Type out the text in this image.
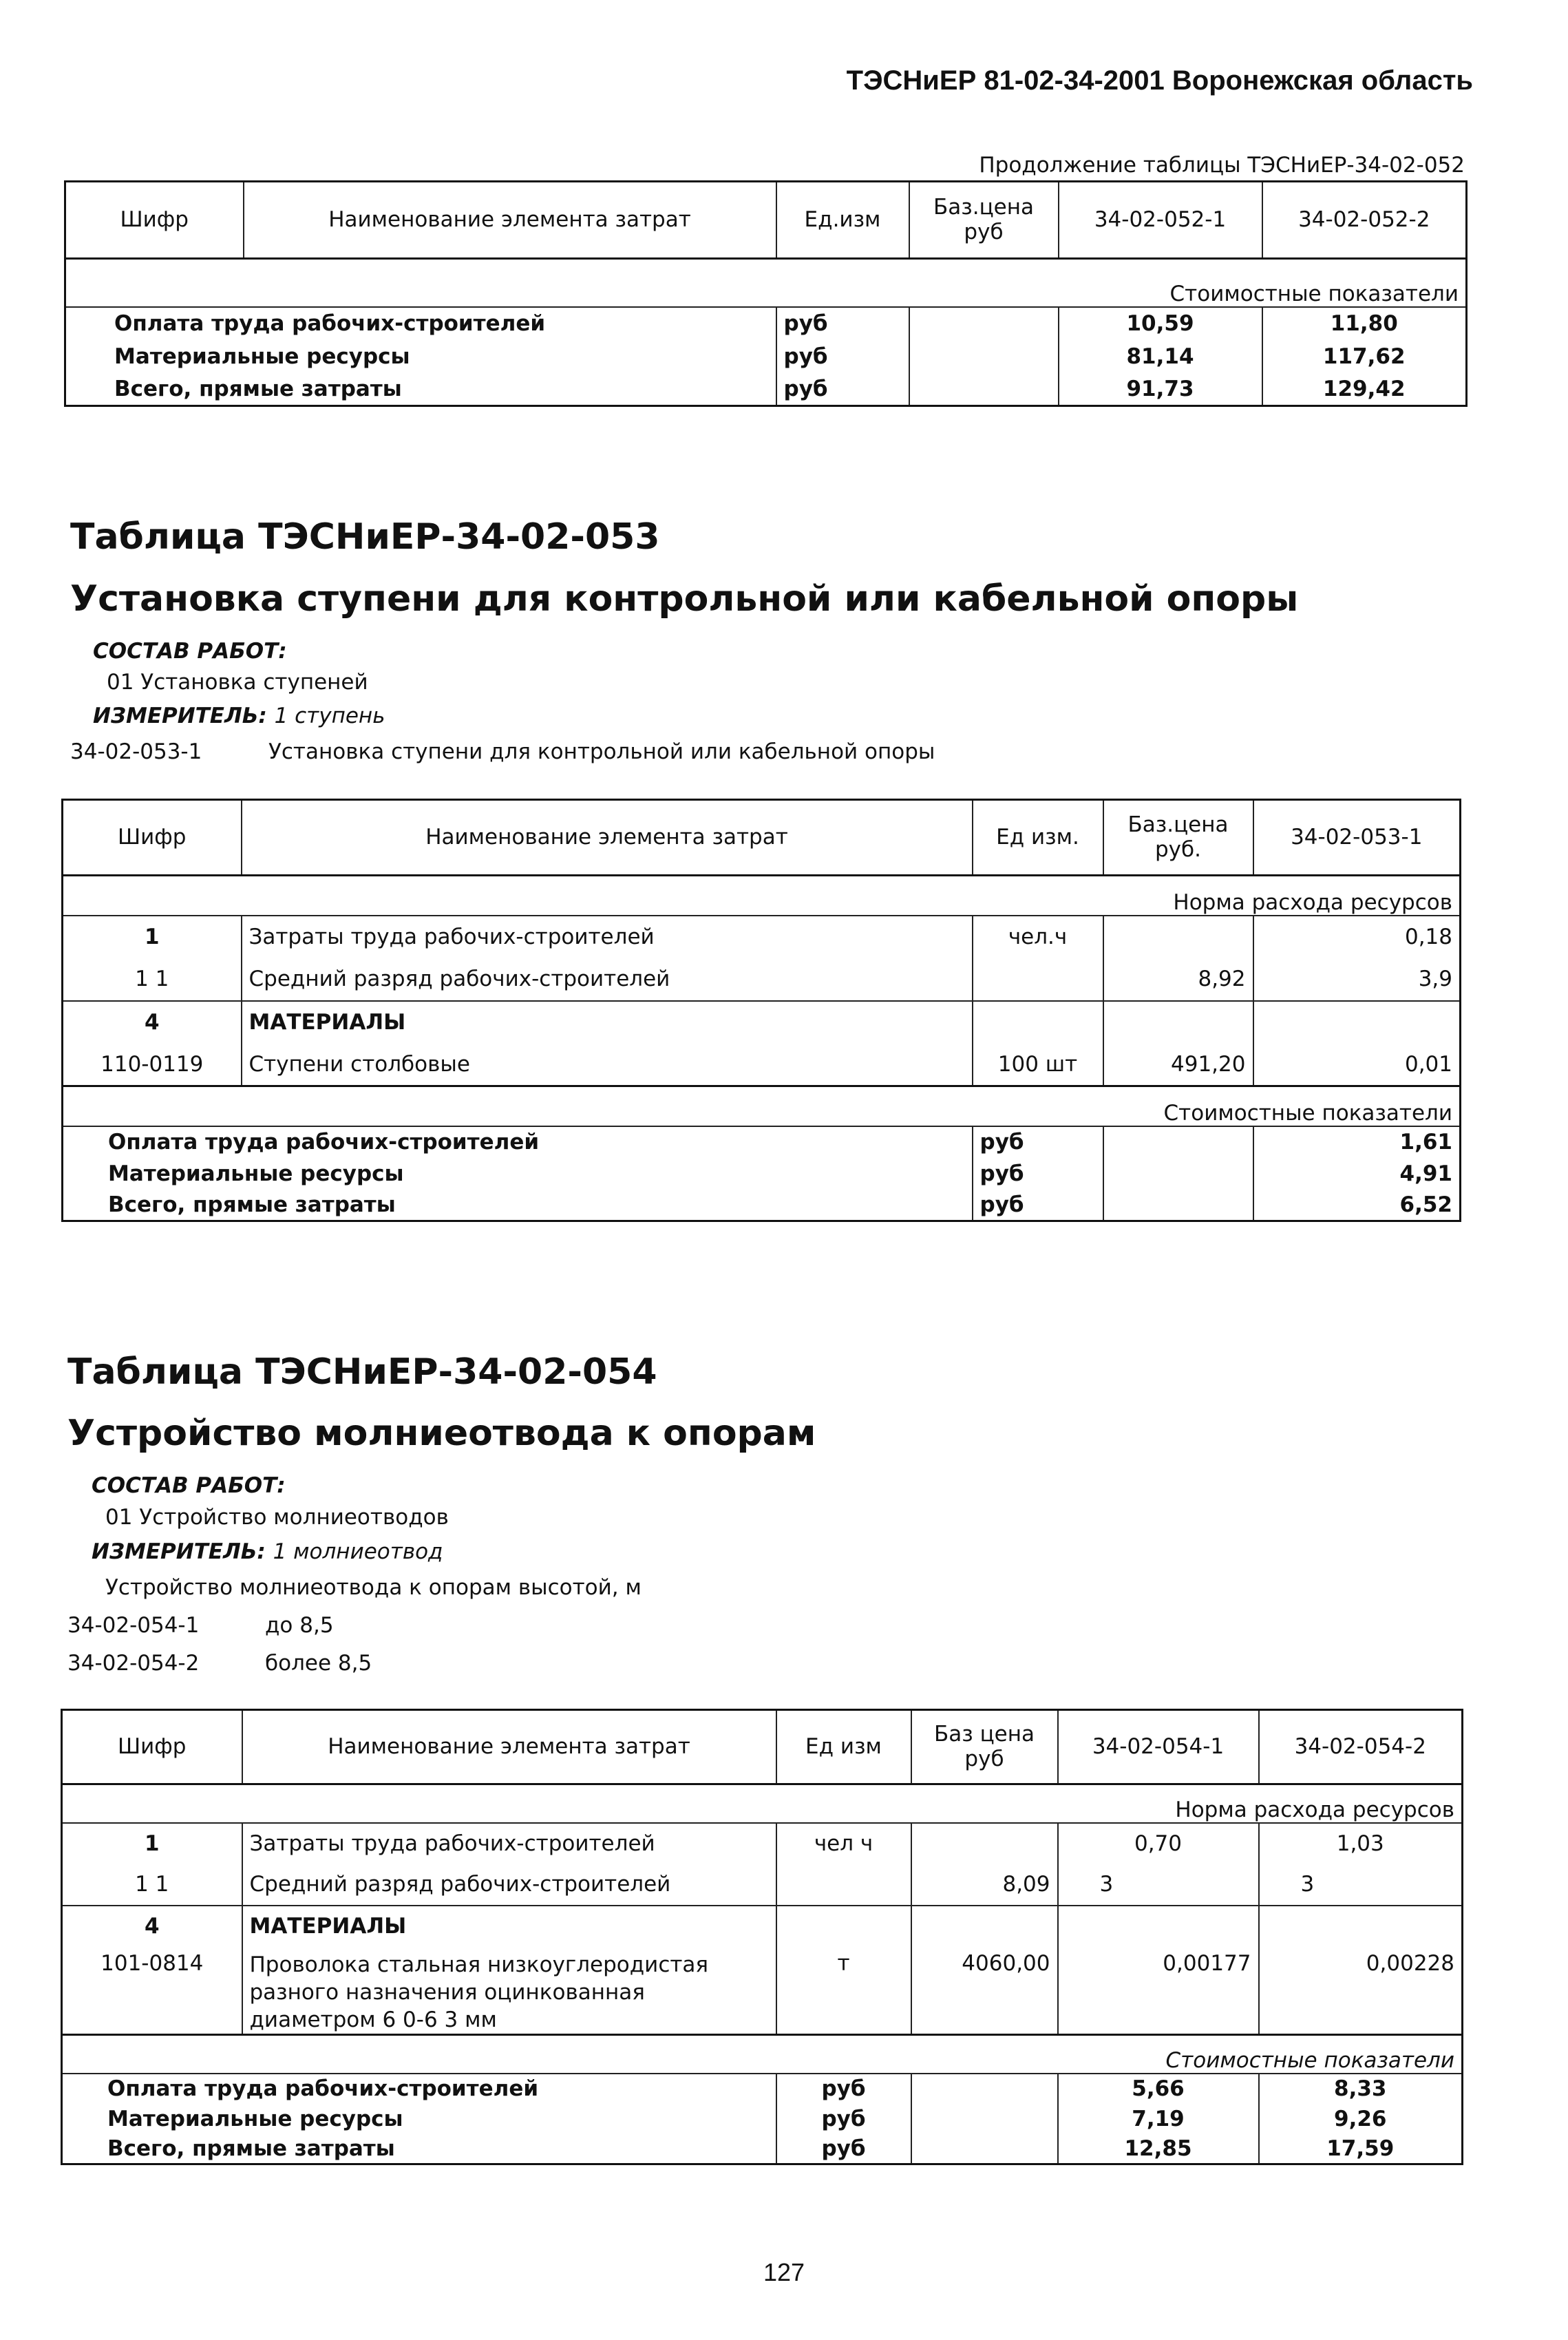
ТЭСНиЕР 81-02-34-2001 Воронежская область
Продолжение таблицы ТЭСНиЕР-34-02-052
Шифр	Наименование элемента затрат	Ед.изм	Баз.цена руб	34-02-052-1	34-02-052-2
				Стоимостные показатели	
Оплата труда рабочих-строителей		руб		10,59	11,80
Материальные ресурсы		руб		81,14	117,62
Всего, прямые затраты		руб		91,73	129,42
Таблица ТЭСНиЕР-34-02-053
Установка ступени для контрольной или кабельной опоры
СОСТАВ РАБОТ:
01 Установка ступеней
ИЗМЕРИТЕЛЬ: 1 ступень
34-02-053-1	Установка ступени для контрольной или кабельной опоры
Шифр	Наименование элемента затрат	Ед изм.	Баз.цена руб.	34-02-053-1
			Норма расхода ресурсов	
1	Затраты труда рабочих-строителей	чел.ч		0,18
1 1	Средний разряд рабочих-строителей		8,92	3,9
4	МАТЕРИАЛЫ			
110-0119	Ступени столбовые	100 шт	491,20	0,01
			Стоимостные показатели	
Оплата труда рабочих-строителей		руб		1,61
Материальные ресурсы		руб		4,91
Всего, прямые затраты		руб		6,52
Таблица ТЭСНиЕР-34-02-054
Устройство молниеотвода к опорам
СОСТАВ РАБОТ:
01 Устройство молниеотводов
ИЗМЕРИТЕЛЬ: 1 молниеотвод
Устройство молниеотвода к опорам высотой, м
34-02-054-1	до 8,5
34-02-054-2	более 8,5
Шифр	Наименование элемента затрат	Ед изм	Баз цена руб	34-02-054-1	34-02-054-2
				Норма расхода ресурсов	
1	Затраты труда рабочих-строителей	чел ч		0,70	1,03
1 1	Средний разряд рабочих-строителей		8,09	3	3
4	МАТЕРИАЛЫ				
101-0814	Проволока стальная низкоуглеродистая разного назначения оцинкованная диаметром 6 0-6 3 мм	т	4060,00	0,00177	0,00228
				Стоимостные показатели	
Оплата труда рабочих-строителей		руб		5,66	8,33
Материальные ресурсы		руб		7,19	9,26
Всего, прямые затраты		руб		12,85	17,59
127
